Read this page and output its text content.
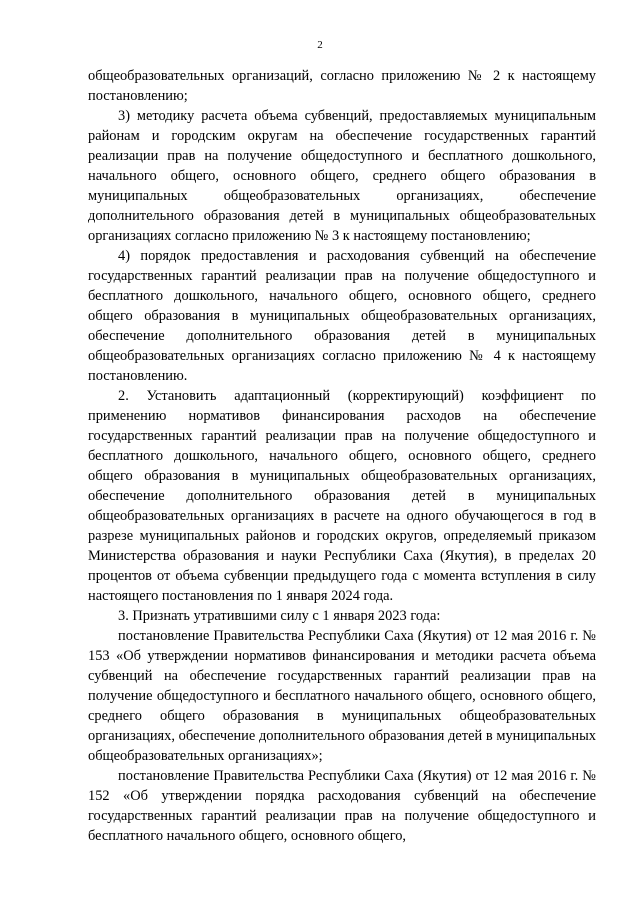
2

общеобразовательных организаций, согласно приложению № 2 к настоящему постановлению;

3) методику расчета объема субвенций, предоставляемых муниципальным районам и городским округам на обеспечение государственных гарантий реализации прав на получение общедоступного и бесплатного дошкольного, начального общего, основного общего, среднего общего образования в муниципальных общеобразовательных организациях, обеспечение дополнительного образования детей в муниципальных общеобразовательных организациях согласно приложению № 3 к настоящему постановлению;

4) порядок предоставления и расходования субвенций на обеспечение государственных гарантий реализации прав на получение общедоступного и бесплатного дошкольного, начального общего, основного общего, среднего общего образования в муниципальных общеобразовательных организациях, обеспечение дополнительного образования детей в муниципальных общеобразовательных организациях согласно приложению № 4 к настоящему постановлению.

2. Установить адаптационный (корректирующий) коэффициент по применению нормативов финансирования расходов на обеспечение государственных гарантий реализации прав на получение общедоступного и бесплатного дошкольного, начального общего, основного общего, среднего общего образования в муниципальных общеобразовательных организациях, обеспечение дополнительного образования детей в муниципальных общеобразовательных организациях в расчете на одного обучающегося в год в разрезе муниципальных районов и городских округов, определяемый приказом Министерства образования и науки Республики Саха (Якутия), в пределах 20 процентов от объема субвенции предыдущего года с момента вступления в силу настоящего постановления по 1 января 2024 года.

3. Признать утратившими силу с 1 января 2023 года:

постановление Правительства Республики Саха (Якутия) от 12 мая 2016 г. № 153 «Об утверждении нормативов финансирования и методики расчета объема субвенций на обеспечение государственных гарантий реализации прав на получение общедоступного и бесплатного начального общего, основного общего, среднего общего образования в муниципальных общеобразовательных организациях, обеспечение дополнительного образования детей в муниципальных общеобразовательных организациях»;

постановление Правительства Республики Саха (Якутия) от 12 мая 2016 г. № 152 «Об утверждении порядка расходования субвенций на обеспечение государственных гарантий реализации прав на получение общедоступного и бесплатного начального общего, основного общего,
